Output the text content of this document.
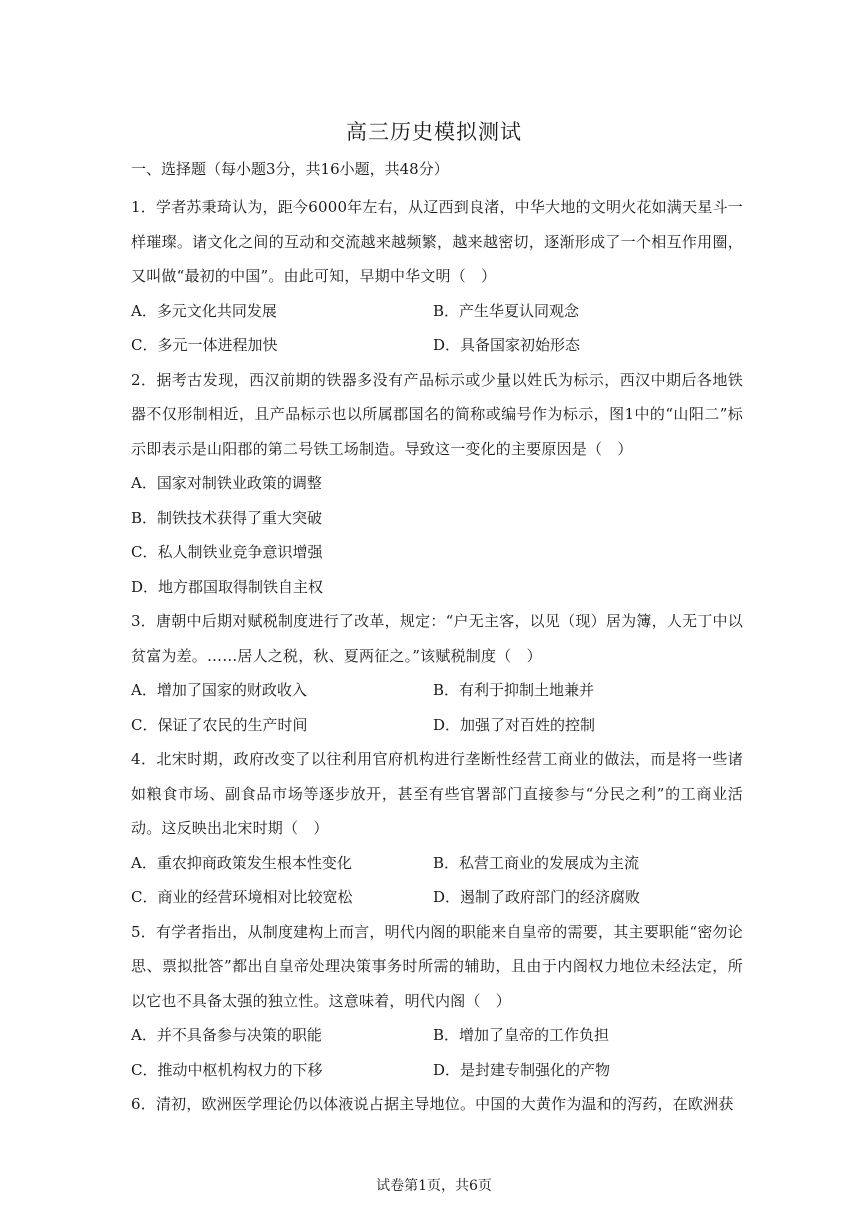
高三历史模拟测试
一、选择题（每小题3分，共16小题，共48分）

1．学者苏秉琦认为，距今6000年左右，从辽西到良渚，中华大地的文明火花如满天星斗一样璀璨。诸文化之间的互动和交流越来越频繁，越来越密切，逐渐形成了一个相互作用圈，又叫做“最初的中国”。由此可知，早期中华文明（　）

A．多元文化共同发展	B．产生华夏认同观念
C．多元一体进程加快	D．具备国家初始形态

2．据考古发现，西汉前期的铁器多没有产品标示或少量以姓氏为标示，西汉中期后各地铁器不仅形制相近，且产品标示也以所属郡国名的简称或编号作为标示，图1中的“山阳二”标示即表示是山阳郡的第二号铁工场制造。导致这一变化的主要原因是（　）

A．国家对制铁业政策的调整

B．制铁技术获得了重大突破

C．私人制铁业竞争意识增强

D．地方郡国取得制铁自主权

3．唐朝中后期对赋税制度进行了改革，规定：“户无主客，以见（现）居为簿，人无丁中以贫富为差。……居人之税，秋、夏两征之。”该赋税制度（　）

A．增加了国家的财政收入	B．有利于抑制土地兼并
C．保证了农民的生产时间	D．加强了对百姓的控制

4．北宋时期，政府改变了以往利用官府机构进行垄断性经营工商业的做法，而是将一些诸如粮食市场、副食品市场等逐步放开，甚至有些官署部门直接参与“分民之利”的工商业活动。这反映出北宋时期（　）

A．重农抑商政策发生根本性变化	B．私营工商业的发展成为主流
C．商业的经营环境相对比较宽松	D．遏制了政府部门的经济腐败

5．有学者指出，从制度建构上而言，明代内阁的职能来自皇帝的需要，其主要职能“密勿论思、票拟批答”都出自皇帝处理决策事务时所需的辅助，且由于内阁权力地位未经法定，所以它也不具备太强的独立性。这意味着，明代内阁（　）

A．并不具备参与决策的职能	B．增加了皇帝的工作负担
C．推动中枢机构权力的下移	D．是封建专制强化的产物

6．清初，欧洲医学理论仍以体液说占据主导地位。中国的大黄作为温和的泻药，在欧洲获

试卷第1页，共6页
